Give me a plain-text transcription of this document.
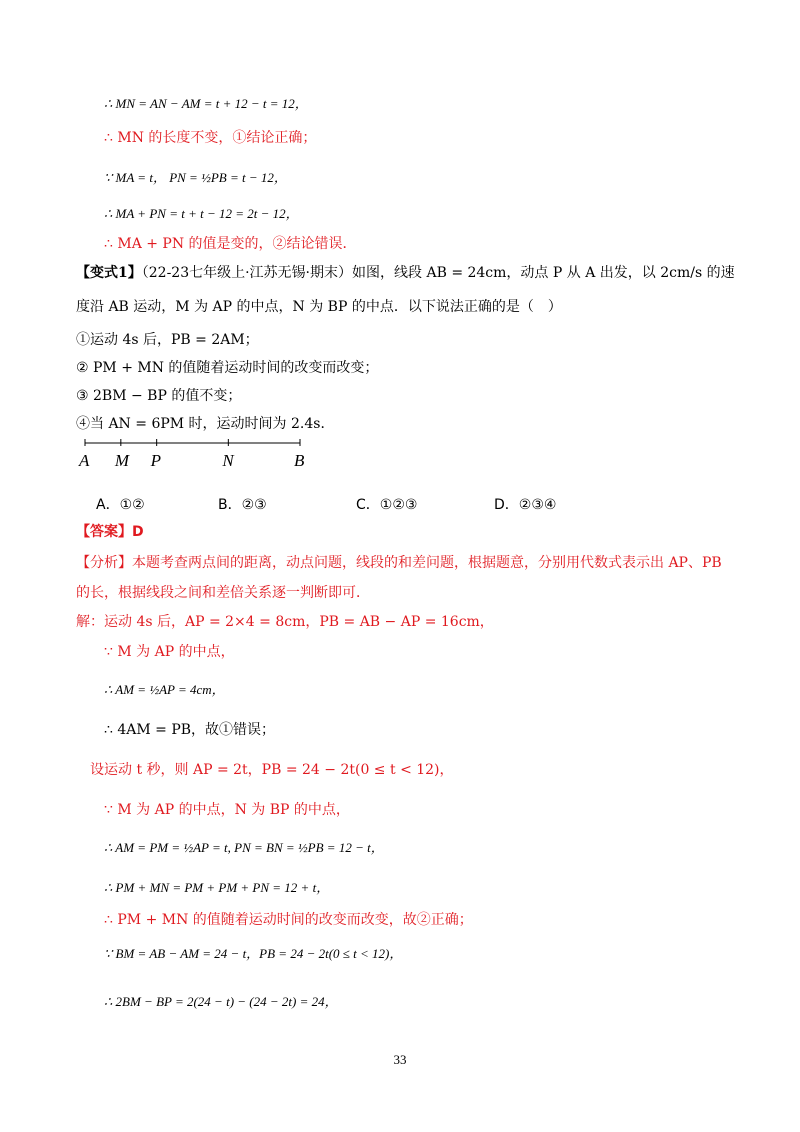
∴ MN = AN − AM = t + 12 − t = 12，
∴ MN 的长度不变，①结论正确；
∵ MA = t， PN = ½PB = t − 12，
∴ MA + PN = t + t − 12 = 2t − 12，
∴ MA + PN 的值是变的，②结论错误．
【变式1】（22-23七年级上·江苏无锡·期末）如图，线段 AB = 24cm，动点 P 从 A 出发，以 2cm/s 的速
度沿 AB 运动，M 为 AP 的中点，N 为 BP 的中点．以下说法正确的是（　）
①运动 4s 后，PB = 2AM；
② PM + MN 的值随着运动时间的改变而改变；
③ 2BM − BP 的值不变；
④当 AN = 6PM 时，运动时间为 2.4s．
A M P	N	B
A．①②	B．②③	C．①②③	D．②③④
【答案】D
【分析】本题考查两点间的距离，动点问题，线段的和差问题，根据题意，分别用代数式表示出 AP、PB
的长，根据线段之间和差倍关系逐一判断即可．
解：运动 4s 后，AP = 2×4 = 8cm，PB = AB − AP = 16cm，
∵ M 为 AP 的中点，
∴ AM = ½AP = 4cm，
∴ 4AM = PB，故①错误；
设运动 t 秒，则 AP = 2t，PB = 24 − 2t(0 ≤ t < 12)，
∵ M 为 AP 的中点，N 为 BP 的中点，
∴ AM = PM = ½AP = t, PN = BN = ½PB = 12 − t，
∴ PM + MN = PM + PM + PN = 12 + t，
∴ PM + MN 的值随着运动时间的改变而改变，故②正确；
∵ BM = AB − AM = 24 − t，PB = 24 − 2t(0 ≤ t < 12)，
∴ 2BM − BP = 2(24 − t) − (24 − 2t) = 24，
33
